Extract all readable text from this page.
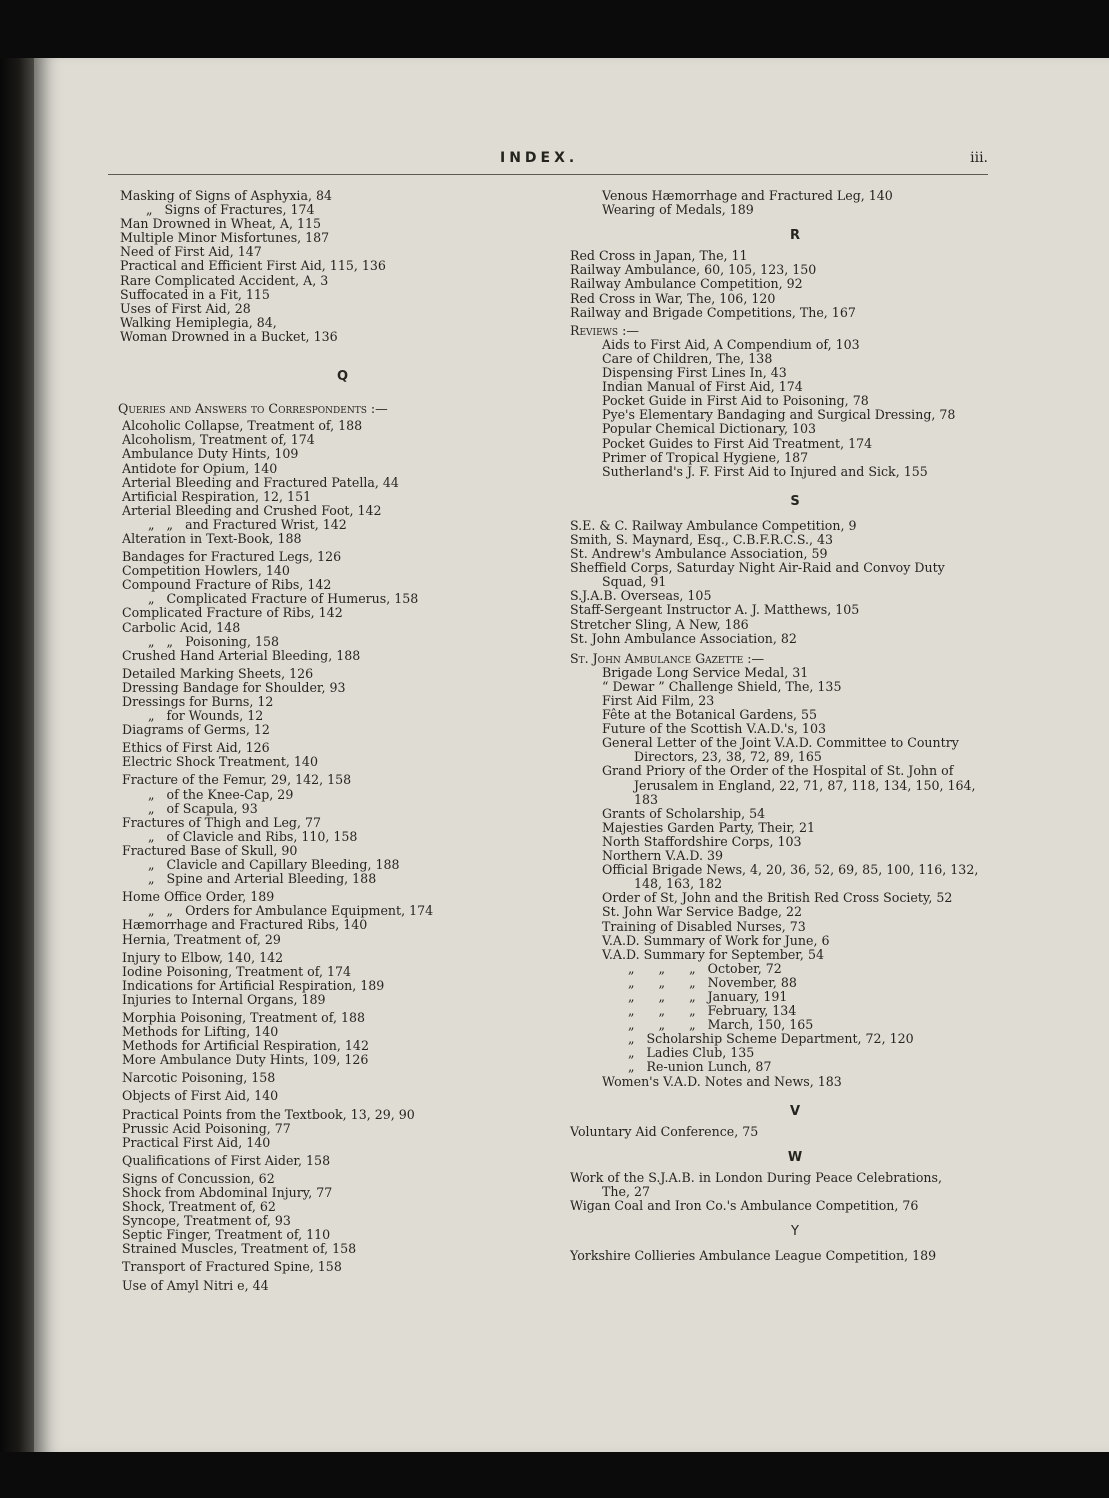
INDEX.	iii.
Masking of Signs of Asphyxia, 84
„   Signs of Fractures, 174
Man Drowned in Wheat, A, 115
Multiple Minor Misfortunes, 187
Need of First Aid, 147
Practical and Efficient First Aid, 115, 136
Rare Complicated Accident, A, 3
Suffocated in a Fit, 115
Uses of First Aid, 28
Walking Hemiplegia, 84,
Woman Drowned in a Bucket, 136
Q
Queries and Answers to Correspondents :—
Alcoholic Collapse, Treatment of, 188
Alcoholism, Treatment of, 174
Ambulance Duty Hints, 109
Antidote for Opium, 140
Arterial Bleeding and Fractured Patella, 44
Artificial Respiration, 12, 151
Arterial Bleeding and Crushed Foot, 142
„   „   and Fractured Wrist, 142
Alteration in Text-Book, 188
Bandages for Fractured Legs, 126
Competition Howlers, 140
Compound Fracture of Ribs, 142
„   Complicated Fracture of Humerus, 158
Complicated Fracture of Ribs, 142
Carbolic Acid, 148
„   „   Poisoning, 158
Crushed Hand Arterial Bleeding, 188
Detailed Marking Sheets, 126
Dressing Bandage for Shoulder, 93
Dressings for Burns, 12
„   for Wounds, 12
Diagrams of Germs, 12
Ethics of First Aid, 126
Electric Shock Treatment, 140
Fracture of the Femur, 29, 142, 158
„   of the Knee-Cap, 29
„   of Scapula, 93
Fractures of Thigh and Leg, 77
„   of Clavicle and Ribs, 110, 158
Fractured Base of Skull, 90
„   Clavicle and Capillary Bleeding, 188
„   Spine and Arterial Bleeding, 188
Home Office Order, 189
„   „   Orders for Ambulance Equipment, 174
Hæmorrhage and Fractured Ribs, 140
Hernia, Treatment of, 29
Injury to Elbow, 140, 142
Iodine Poisoning, Treatment of, 174
Indications for Artificial Respiration, 189
Injuries to Internal Organs, 189
Morphia Poisoning, Treatment of, 188
Methods for Lifting, 140
Methods for Artificial Respiration, 142
More Ambulance Duty Hints, 109, 126
Narcotic Poisoning, 158
Objects of First Aid, 140
Practical Points from the Textbook, 13, 29, 90
Prussic Acid Poisoning, 77
Practical First Aid, 140
Qualifications of First Aider, 158
Signs of Concussion, 62
Shock from Abdominal Injury, 77
Shock, Treatment of, 62
Syncope, Treatment of, 93
Septic Finger, Treatment of, 110
Strained Muscles, Treatment of, 158
Transport of Fractured Spine, 158
Use of Amyl Nitri e, 44
Venous Hæmorrhage and Fractured Leg, 140
Wearing of Medals, 189
R
Red Cross in Japan, The, 11
Railway Ambulance, 60, 105, 123, 150
Railway Ambulance Competition, 92
Red Cross in War, The, 106, 120
Railway and Brigade Competitions, The, 167
Reviews :—
Aids to First Aid, A Compendium of, 103
Care of Children, The, 138
Dispensing First Lines In, 43
Indian Manual of First Aid, 174
Pocket Guide in First Aid to Poisoning, 78
Pye's Elementary Bandaging and Surgical Dressing, 78
Popular Chemical Dictionary, 103
Pocket Guides to First Aid Treatment, 174
Primer of Tropical Hygiene, 187
Sutherland's J. F. First Aid to Injured and Sick, 155
S
S.E. & C. Railway Ambulance Competition, 9
Smith, S. Maynard, Esq., C.B.F.R.C.S., 43
St. Andrew's Ambulance Association, 59
Sheffield Corps, Saturday Night Air-Raid and Convoy Duty
Squad, 91
S.J.A.B. Overseas, 105
Staff-Sergeant Instructor A. J. Matthews, 105
Stretcher Sling, A New, 186
St. John Ambulance Association, 82
St. John Ambulance Gazette :—
Brigade Long Service Medal, 31
“ Dewar ” Challenge Shield, The, 135
First Aid Film, 23
Fête at the Botanical Gardens, 55
Future of the Scottish V.A.D.'s, 103
General Letter of the Joint V.A.D. Committee to Country
Directors, 23, 38, 72, 89, 165
Grand Priory of the Order of the Hospital of St. John of
Jerusalem in England, 22, 71, 87, 118, 134, 150, 164,
183
Grants of Scholarship, 54
Majesties Garden Party, Their, 21
North Staffordshire Corps, 103
Northern V.A.D. 39
Official Brigade News, 4, 20, 36, 52, 69, 85, 100, 116, 132,
148, 163, 182
Order of St, John and the British Red Cross Society, 52
St. John War Service Badge, 22
Training of Disabled Nurses, 73
V.A.D. Summary of Work for June, 6
V.A.D. Summary for September, 54
„      „      „   October, 72
„      „      „   November, 88
„      „      „   January, 191
„      „      „   February, 134
„      „      „   March, 150, 165
„   Scholarship Scheme Department, 72, 120
„   Ladies Club, 135
„   Re-union Lunch, 87
Women's V.A.D. Notes and News, 183
V
Voluntary Aid Conference, 75
W
Work of the S.J.A.B. in London During Peace Celebrations,
The, 27
Wigan Coal and Iron Co.'s Ambulance Competition, 76
Y
Yorkshire Collieries Ambulance League Competition, 189
